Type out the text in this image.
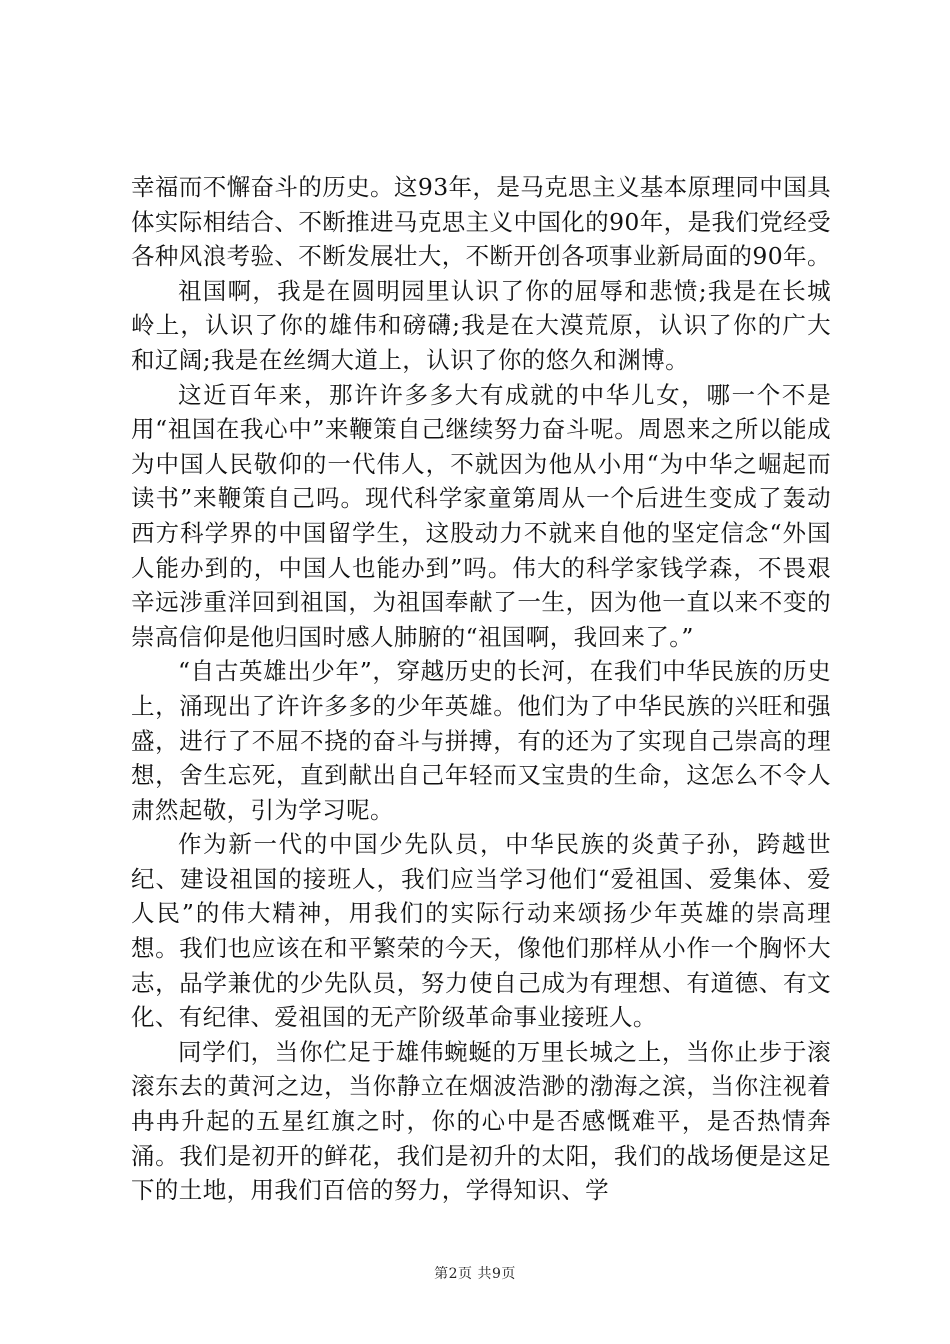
幸福而不懈奋斗的历史。这93年，是马克思主义基本原理同中国具体实际相结合、不断推进马克思主义中国化的90年，是我们党经受各种风浪考验、不断发展壮大，不断开创各项事业新局面的90年。

祖国啊，我是在圆明园里认识了你的屈辱和悲愤;我是在长城岭上，认识了你的雄伟和磅礴;我是在大漠荒原，认识了你的广大和辽阔;我是在丝绸大道上，认识了你的悠久和渊博。

这近百年来，那许许多多大有成就的中华儿女，哪一个不是用“祖国在我心中”来鞭策自己继续努力奋斗呢。周恩来之所以能成为中国人民敬仰的一代伟人，不就因为他从小用“为中华之崛起而读书”来鞭策自己吗。现代科学家童第周从一个后进生变成了轰动西方科学界的中国留学生，这股动力不就来自他的坚定信念“外国人能办到的，中国人也能办到”吗。伟大的科学家钱学森，不畏艰辛远涉重洋回到祖国，为祖国奉献了一生，因为他一直以来不变的崇高信仰是他归国时感人肺腑的“祖国啊，我回来了。”

“自古英雄出少年”，穿越历史的长河，在我们中华民族的历史上，涌现出了许许多多的少年英雄。他们为了中华民族的兴旺和强盛，进行了不屈不挠的奋斗与拼搏，有的还为了实现自己崇高的理想，舍生忘死，直到献出自己年轻而又宝贵的生命，这怎么不令人肃然起敬，引为学习呢。

作为新一代的中国少先队员，中华民族的炎黄子孙，跨越世纪、建设祖国的接班人，我们应当学习他们“爱祖国、爱集体、爱人民”的伟大精神，用我们的实际行动来颂扬少年英雄的崇高理想。我们也应该在和平繁荣的今天，像他们那样从小作一个胸怀大志，品学兼优的少先队员，努力使自己成为有理想、有道德、有文化、有纪律、爱祖国的无产阶级革命事业接班人。

同学们，当你伫足于雄伟蜿蜒的万里长城之上，当你止步于滚滚东去的黄河之边，当你静立在烟波浩渺的渤海之滨，当你注视着冉冉升起的五星红旗之时，你的心中是否感慨难平，是否热情奔涌。我们是初开的鲜花，我们是初升的太阳，我们的战场便是这足下的土地，用我们百倍的努力，学得知识、学

第2页 共9页
